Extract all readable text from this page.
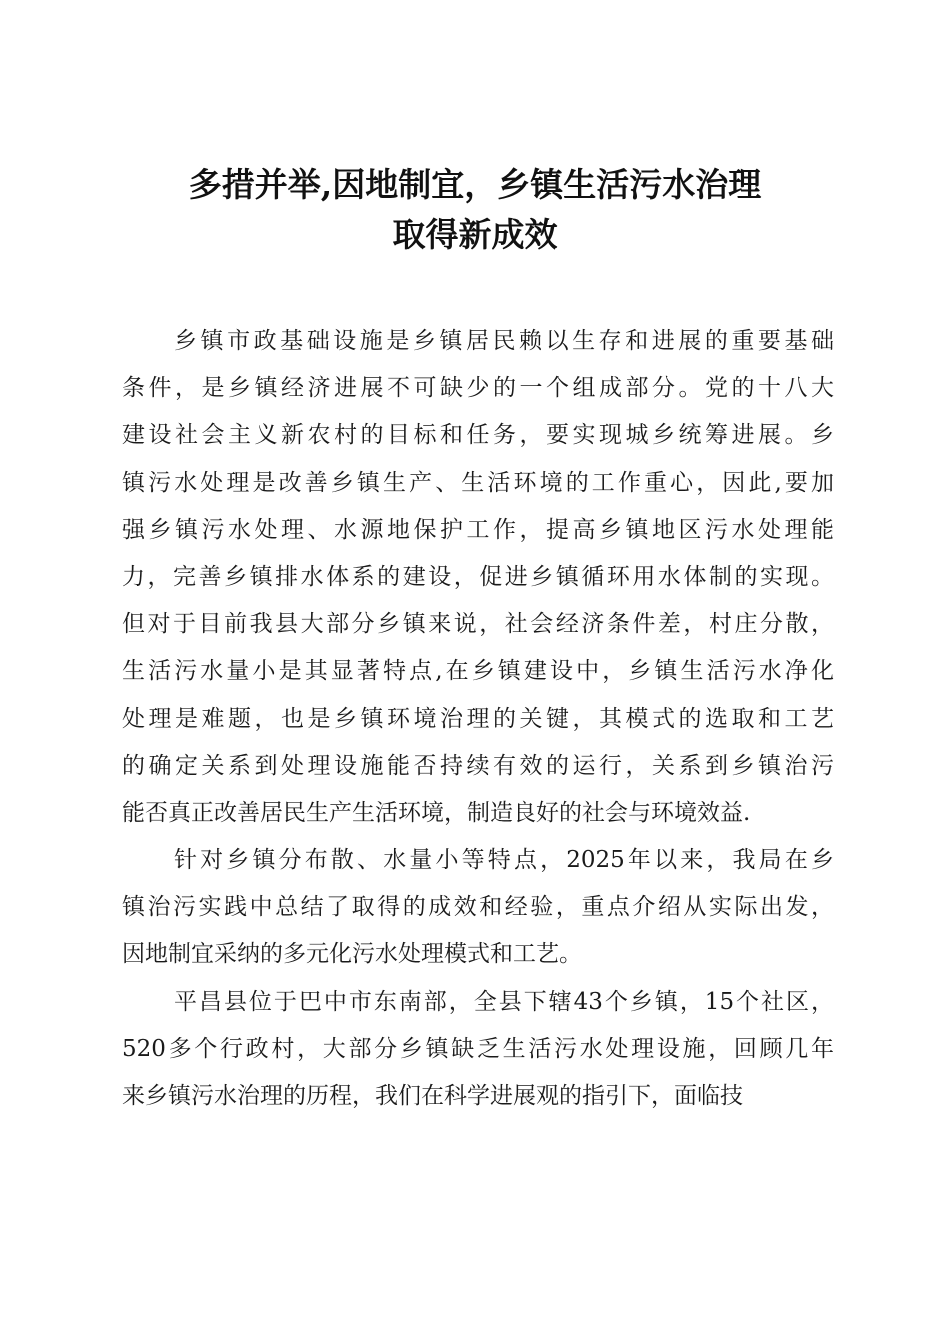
多措并举,因地制宜，乡镇生活污水治理
取得新成效
乡镇市政基础设施是乡镇居民赖以生存和进展的重要基础
条件，是乡镇经济进展不可缺少的一个组成部分。党的十八大
建设社会主义新农村的目标和任务，要实现城乡统筹进展。乡
镇污水处理是改善乡镇生产、生活环境的工作重心，因此,要加
强乡镇污水处理、水源地保护工作，提高乡镇地区污水处理能
力，完善乡镇排水体系的建设，促进乡镇循环用水体制的实现。
但对于目前我县大部分乡镇来说，社会经济条件差，村庄分散，
生活污水量小是其显著特点,在乡镇建设中，乡镇生活污水净化
处理是难题，也是乡镇环境治理的关键，其模式的选取和工艺
的确定关系到处理设施能否持续有效的运行，关系到乡镇治污
能否真正改善居民生产生活环境，制造良好的社会与环境效益.
针对乡镇分布散、水量小等特点，2025年以来，我局在乡
镇治污实践中总结了取得的成效和经验，重点介绍从实际出发，
因地制宜采纳的多元化污水处理模式和工艺。
平昌县位于巴中市东南部，全县下辖43个乡镇，15个社区，
520多个行政村，大部分乡镇缺乏生活污水处理设施，回顾几年
来乡镇污水治理的历程，我们在科学进展观的指引下，面临技
